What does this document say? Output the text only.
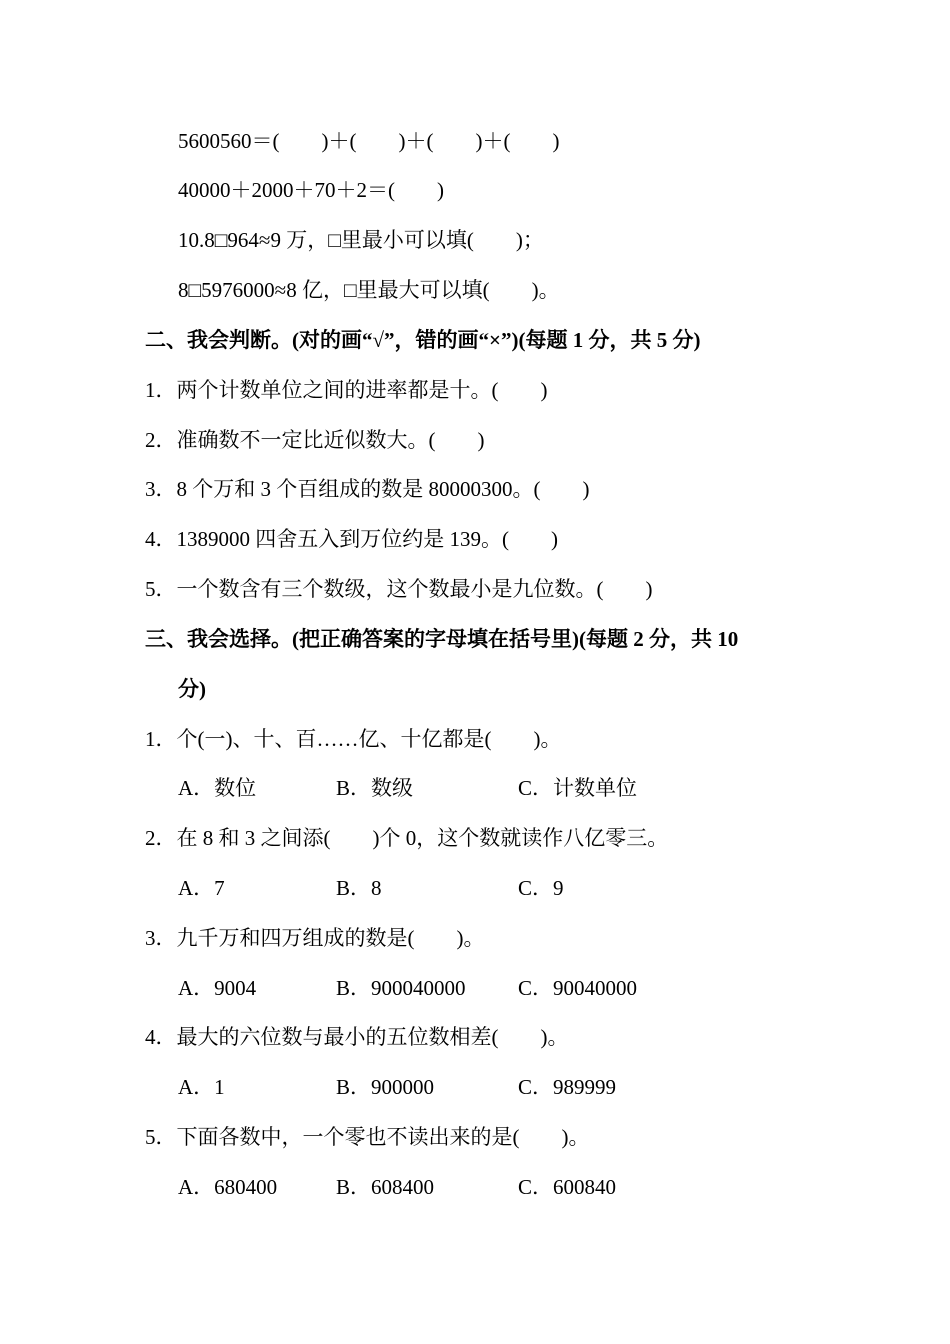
5600560＝(　　)＋(　　)＋(　　)＋(　　)
40000＋2000＋70＋2＝(　　)
10.8□964≈9 万，□里最小可以填(　　)；
8□5976000≈8 亿，□里最大可以填(　　)。
二、我会判断。(对的画“√”，错的画“×”)(每题 1 分，共 5 分)
1．两个计数单位之间的进率都是十。(　　)
2．准确数不一定比近似数大。(　　)
3．8 个万和 3 个百组成的数是 80000300。(　　)
4．1389000 四舍五入到万位约是 139。(　　)
5．一个数含有三个数级，这个数最小是九位数。(　　)
三、我会选择。(把正确答案的字母填在括号里)(每题 2 分，共 10
分)
1．个(一)、十、百……亿、十亿都是(　　)。
A．数位	B．数级	C．计数单位
2．在 8 和 3 之间添(　　)个 0，这个数就读作八亿零三。
A．7	B．8	C．9
3．九千万和四万组成的数是(　　)。
A．9004	B．900040000 C．90040000
4．最大的六位数与最小的五位数相差(　　)。
A．1	B．900000	C．989999
5．下面各数中，一个零也不读出来的是(　　)。
A．680400	B．608400	C．600840
